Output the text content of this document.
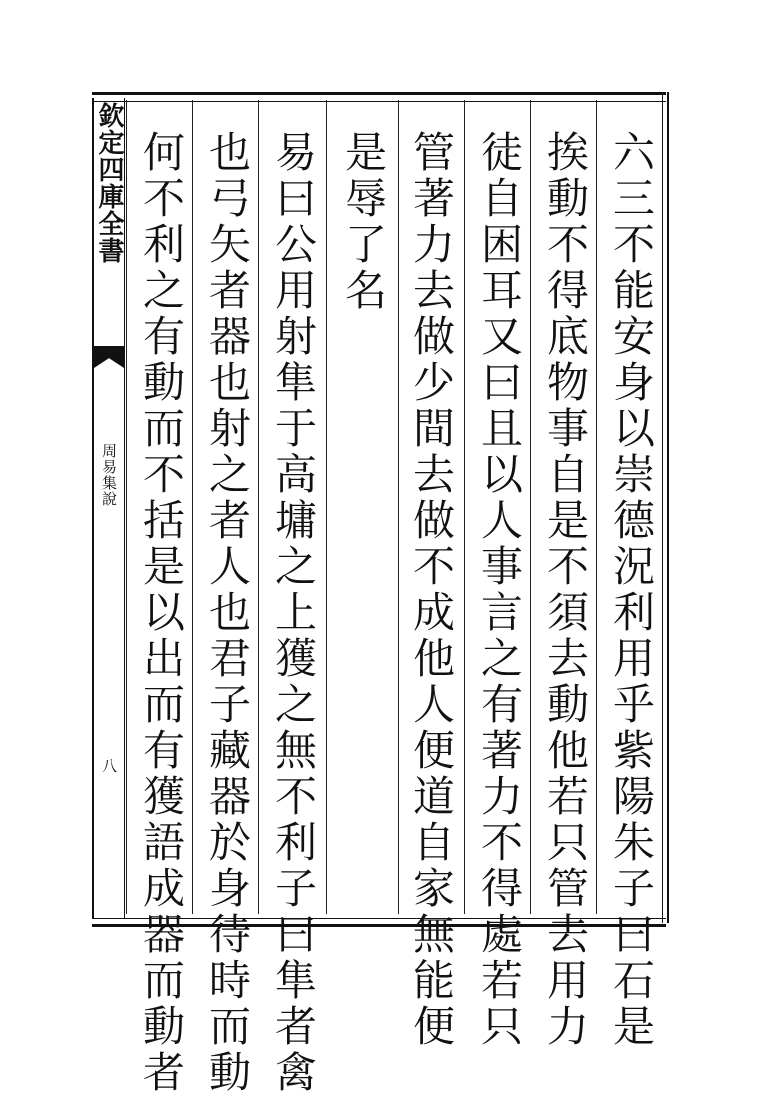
欽定四庫全書
周易集說
八	六三不能安身以崇德況利用乎紫陽朱子曰石是
挨動不得底物事自是不須去動他若只管去用力
徒自困耳又曰且以人事言之有著力不得處若只
管著力去做少間去做不成他人便道自家無能便
是辱了名
易曰公用射隼于高墉之上獲之無不利子曰隼者禽
也弓矢者器也射之者人也君子藏器於身待時而動
何不利之有動而不括是以出而有獲語成器而動者
